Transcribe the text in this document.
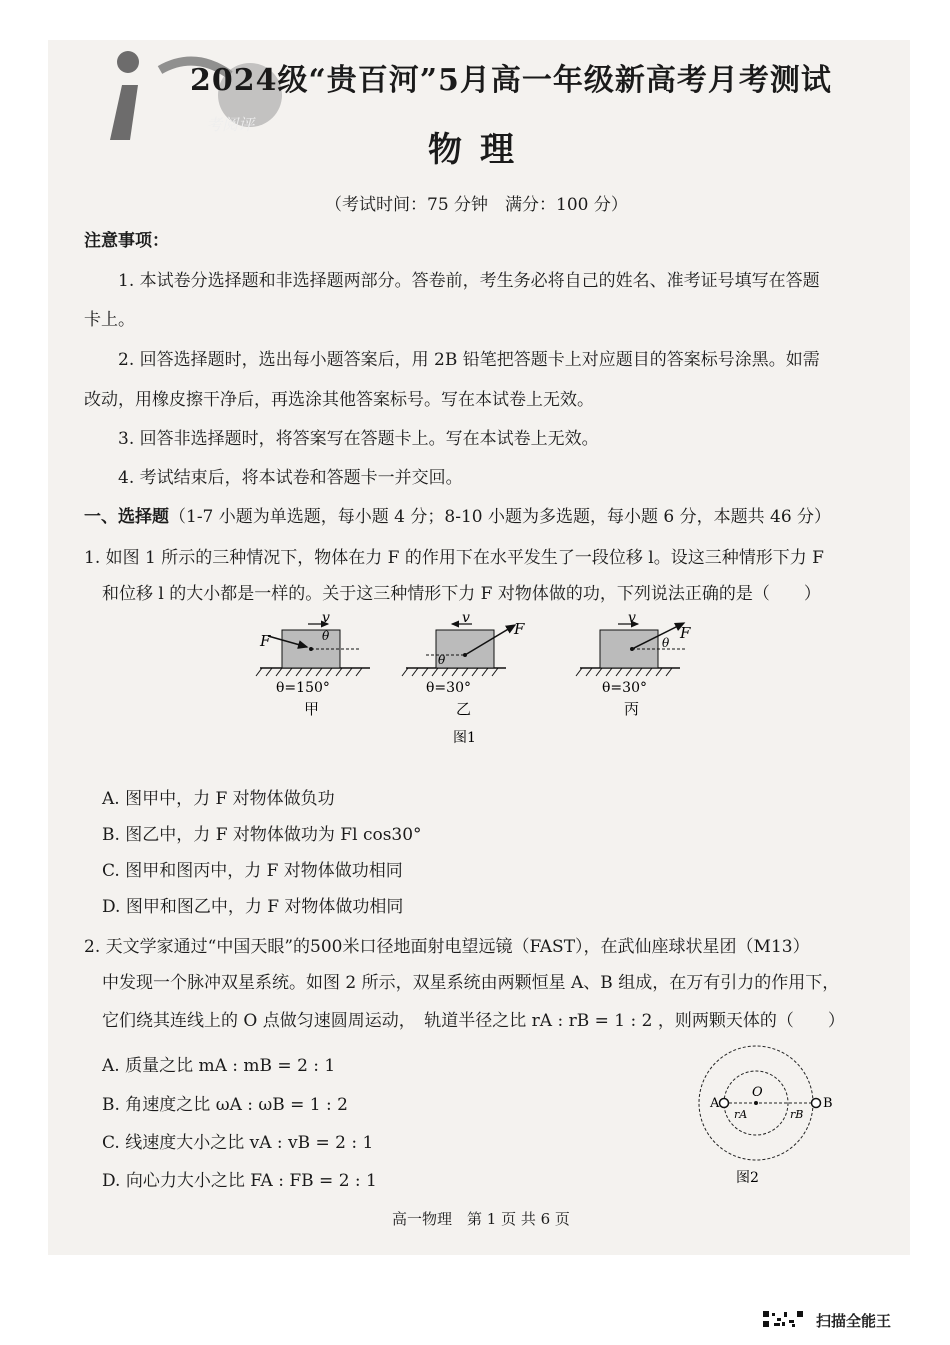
考阅评
2024级“贵百河”5月高一年级新高考月考测试
物理
（考试时间：75 分钟　满分：100 分）
注意事项：
1. 本试卷分选择题和非选择题两部分。答卷前，考生务必将自己的姓名、准考证号填写在答题
卡上。
2. 回答选择题时，选出每小题答案后，用 2B 铅笔把答题卡上对应题目的答案标号涂黑。如需
改动，用橡皮擦干净后，再选涂其他答案标号。写在本试卷上无效。
3. 回答非选择题时，将答案写在答题卡上。写在本试卷上无效。
4. 考试结束后，将本试卷和答题卡一并交回。
一、选择题（1-7 小题为单选题，每小题 4 分；8-10 小题为多选题，每小题 6 分，本题共 46 分）
1. 如图 1 所示的三种情况下，物体在力 F 的作用下在水平发生了一段位移 l。设这三种情形下力 F
和位移 l 的大小都是一样的。关于这三种情形下力 F 对物体做的功，下列说法正确的是（　　）
v
F	θ
θ=150°
甲
v
F
θ
θ=30°
乙
v
F
θ
θ=30°
丙
图1
A. 图甲中，力 F 对物体做负功
B. 图乙中，力 F 对物体做功为 Fl cos30°
C. 图甲和图丙中，力 F 对物体做功相同
D. 图甲和图乙中，力 F 对物体做功相同
2. 天文学家通过“中国天眼”的500米口径地面射电望远镜（FAST），在武仙座球状星团（M13）
中发现一个脉冲双星系统。如图 2 所示，双星系统由两颗恒星 A、B 组成，在万有引力的作用下，
它们绕其连线上的 O 点做匀速圆周运动，　轨道半径之比 rA : rB = 1 : 2 ，则两颗天体的（　　）
A. 质量之比 mA : mB = 2 : 1
B. 角速度之比 ωA : ωB = 1 : 2
C. 线速度大小之比 vA : vB = 2 : 1
D. 向心力大小之比 FA : FB = 2 : 1
A	B
O
rA	rB
图2
高一物理　第 1 页 共 6 页
扫描全能王
